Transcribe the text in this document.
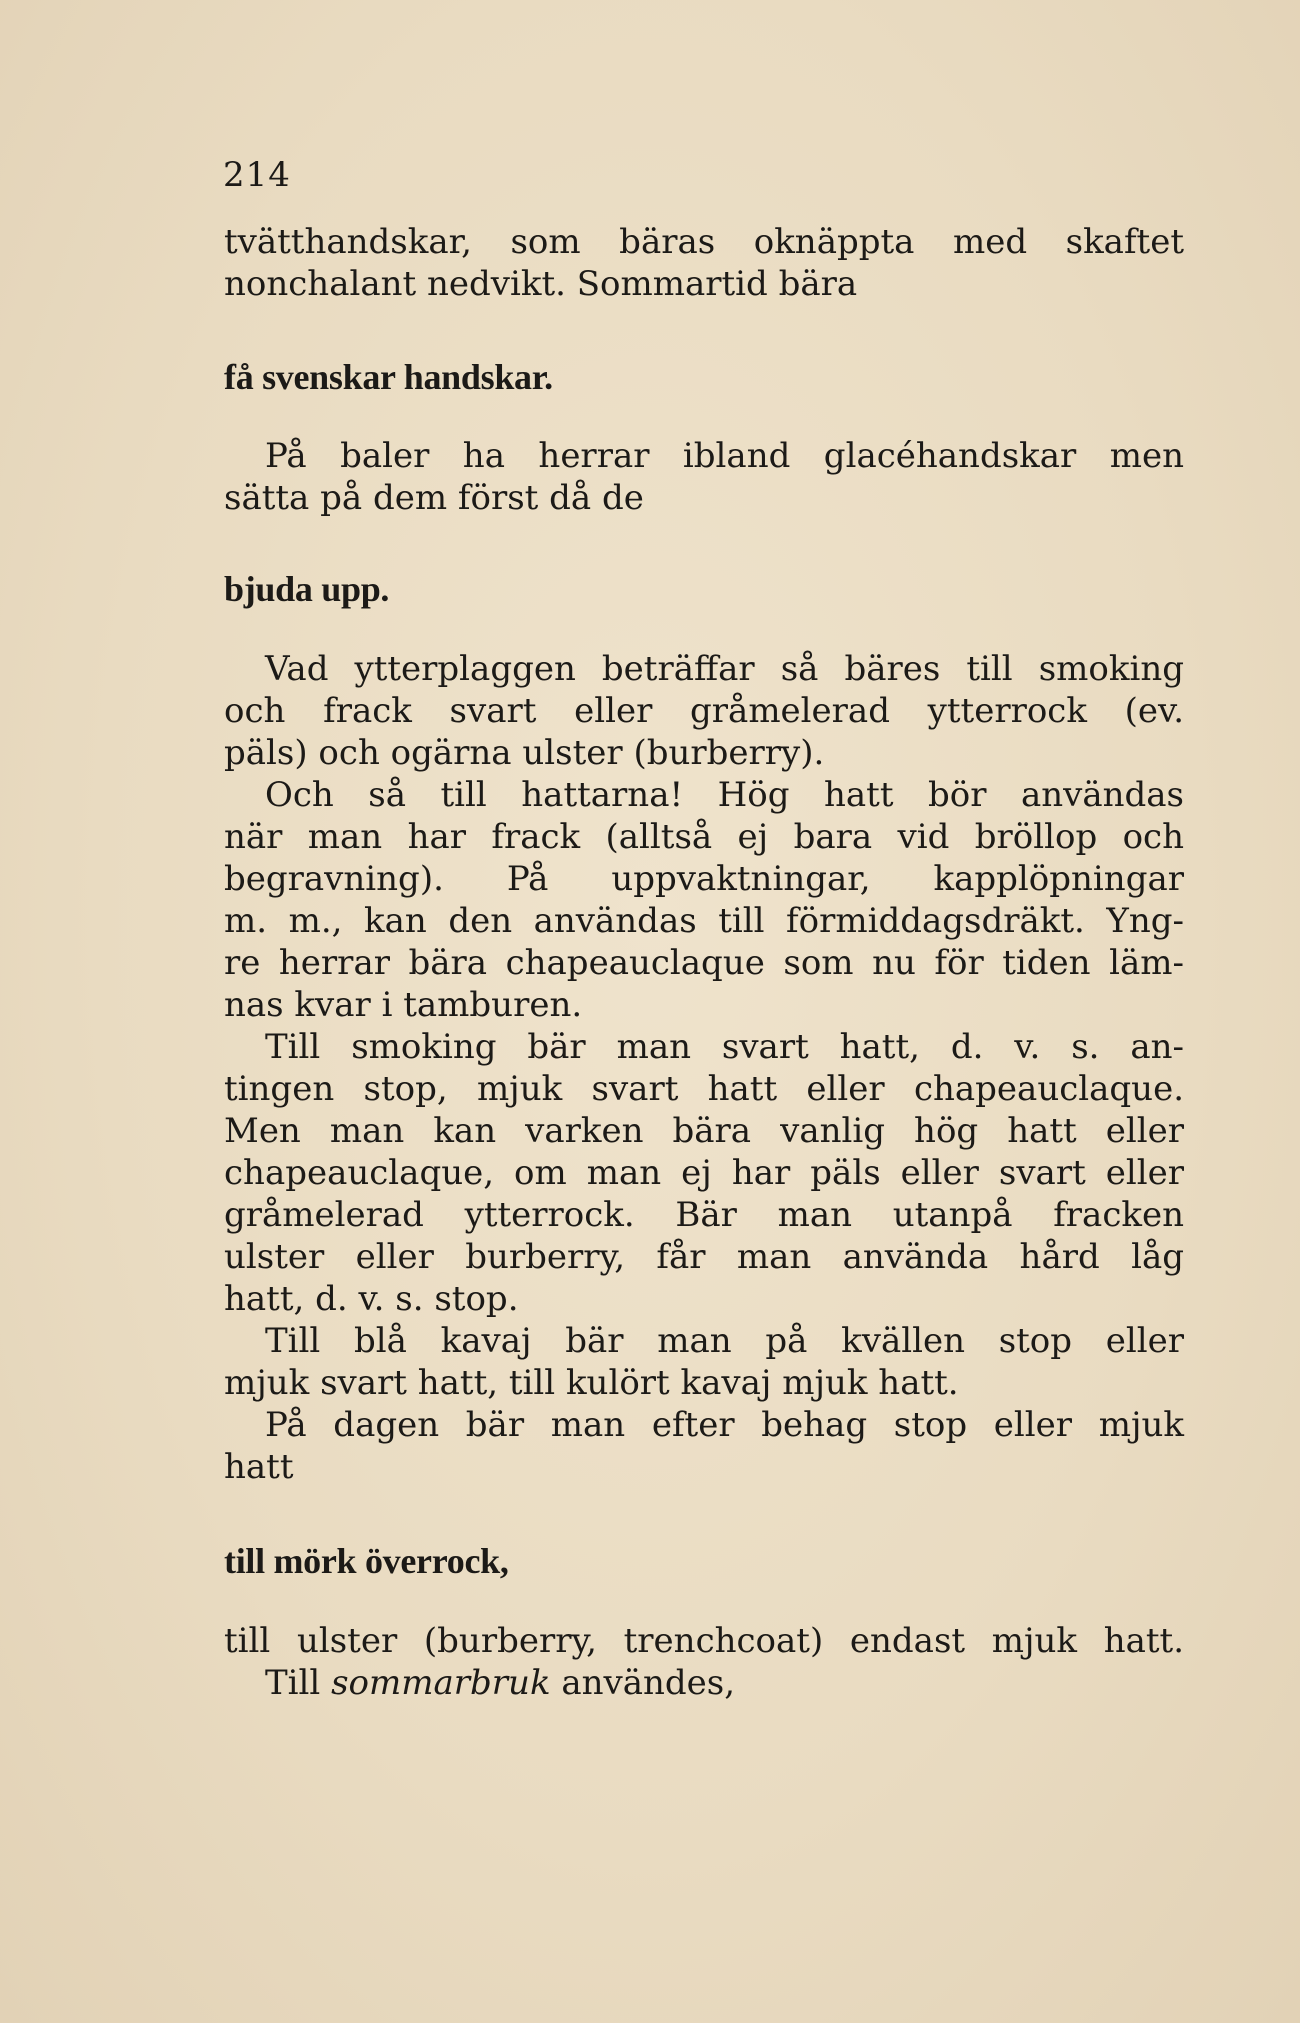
214
tvätthandskar, som bäras oknäppta med skaftet
nonchalant nedvikt. Sommartid bära
få svenskar handskar.
På baler ha herrar ibland glacéhandskar men
sätta på dem först då de
bjuda upp.
Vad ytterplaggen beträffar så bäres till smoking
och frack svart eller gråmelerad ytterrock (ev.
päls) och ogärna ulster (burberry).
Och så till hattarna! Hög hatt bör användas
när man har frack (alltså ej bara vid bröllop och
begravning). På uppvaktningar, kapplöpningar
m. m., kan den användas till förmiddagsdräkt. Yng-
re herrar bära chapeauclaque som nu för tiden läm-
nas kvar i tamburen.
Till smoking bär man svart hatt, d. v. s. an-
tingen stop, mjuk svart hatt eller chapeauclaque.
Men man kan varken bära vanlig hög hatt eller
chapeauclaque, om man ej har päls eller svart eller
gråmelerad ytterrock. Bär man utanpå fracken
ulster eller burberry, får man använda hård låg
hatt, d. v. s. stop.
Till blå kavaj bär man på kvällen stop eller
mjuk svart hatt, till kulört kavaj mjuk hatt.
På dagen bär man efter behag stop eller mjuk
hatt
till mörk överrock,
till ulster (burberry, trenchcoat) endast mjuk hatt.
Till sommarbruk användes,
